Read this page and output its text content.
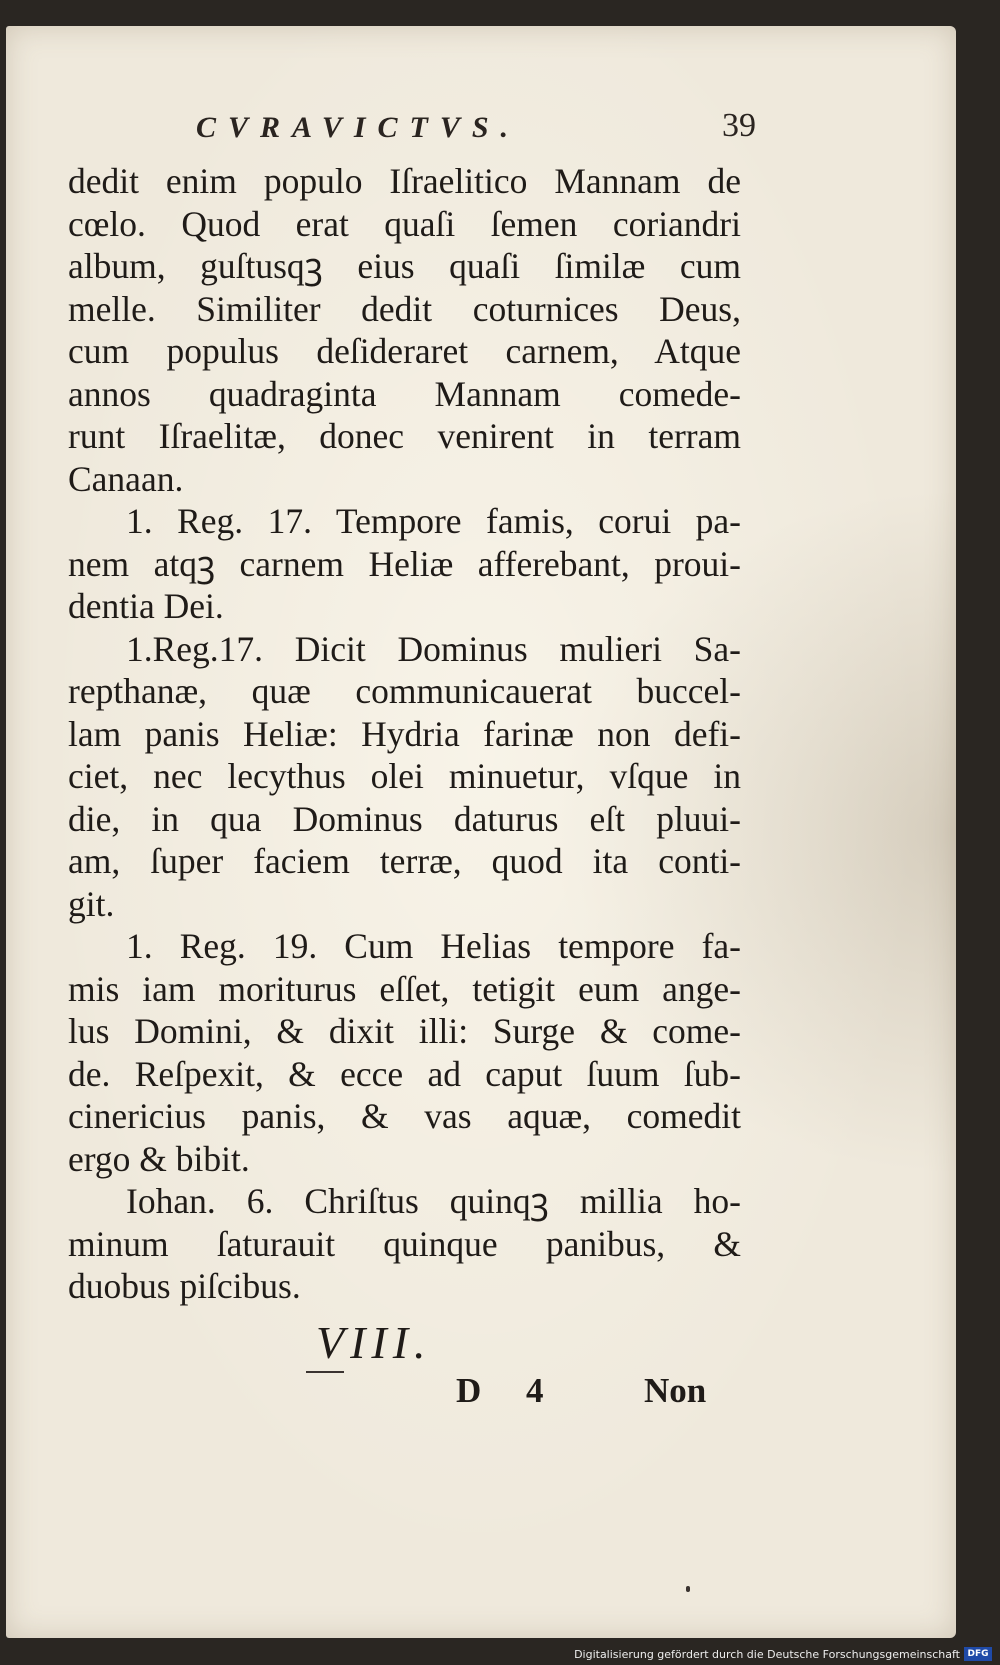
CVRAVICTVS.	39

dedit enim populo Iſraelitico Mannam de
cœlo. Quod erat quaſi ſemen coriandri
album, guſtusqꝫ eius quaſi ſimilæ cum
melle. Similiter dedit coturnices Deus,
cum populus deſideraret carnem, Atque
annos quadraginta Mannam comede-
runt Iſraelitæ, donec venirent in terram
Canaan.

1. Reg. 17. Tempore famis, corui pa-
nem atqꝫ carnem Heliæ afferebant, proui-
dentia Dei.

1.Reg.17. Dicit Dominus mulieri Sa-
repthanæ, quæ communicauerat buccel-
lam panis Heliæ: Hydria farinæ non defi-
ciet, nec lecythus olei minuetur, vſque in
die, in qua Dominus daturus eſt pluui-
am, ſuper faciem terræ, quod ita conti-
git.

1. Reg. 19. Cum Helias tempore fa-
mis iam moriturus eſſet, tetigit eum ange-
lus Domini, & dixit illi: Surge & come-
de. Reſpexit, & ecce ad caput ſuum ſub-
cinericius panis, & vas aquæ, comedit
ergo & bibit.

Iohan. 6. Chriſtus quinqꝫ millia ho-
minum ſaturauit quinque panibus, &
duobus piſcibus.

VIII.
D 4	Non
Digitalisierung gefördert durch die Deutsche Forschungsgemeinschaft DFG
